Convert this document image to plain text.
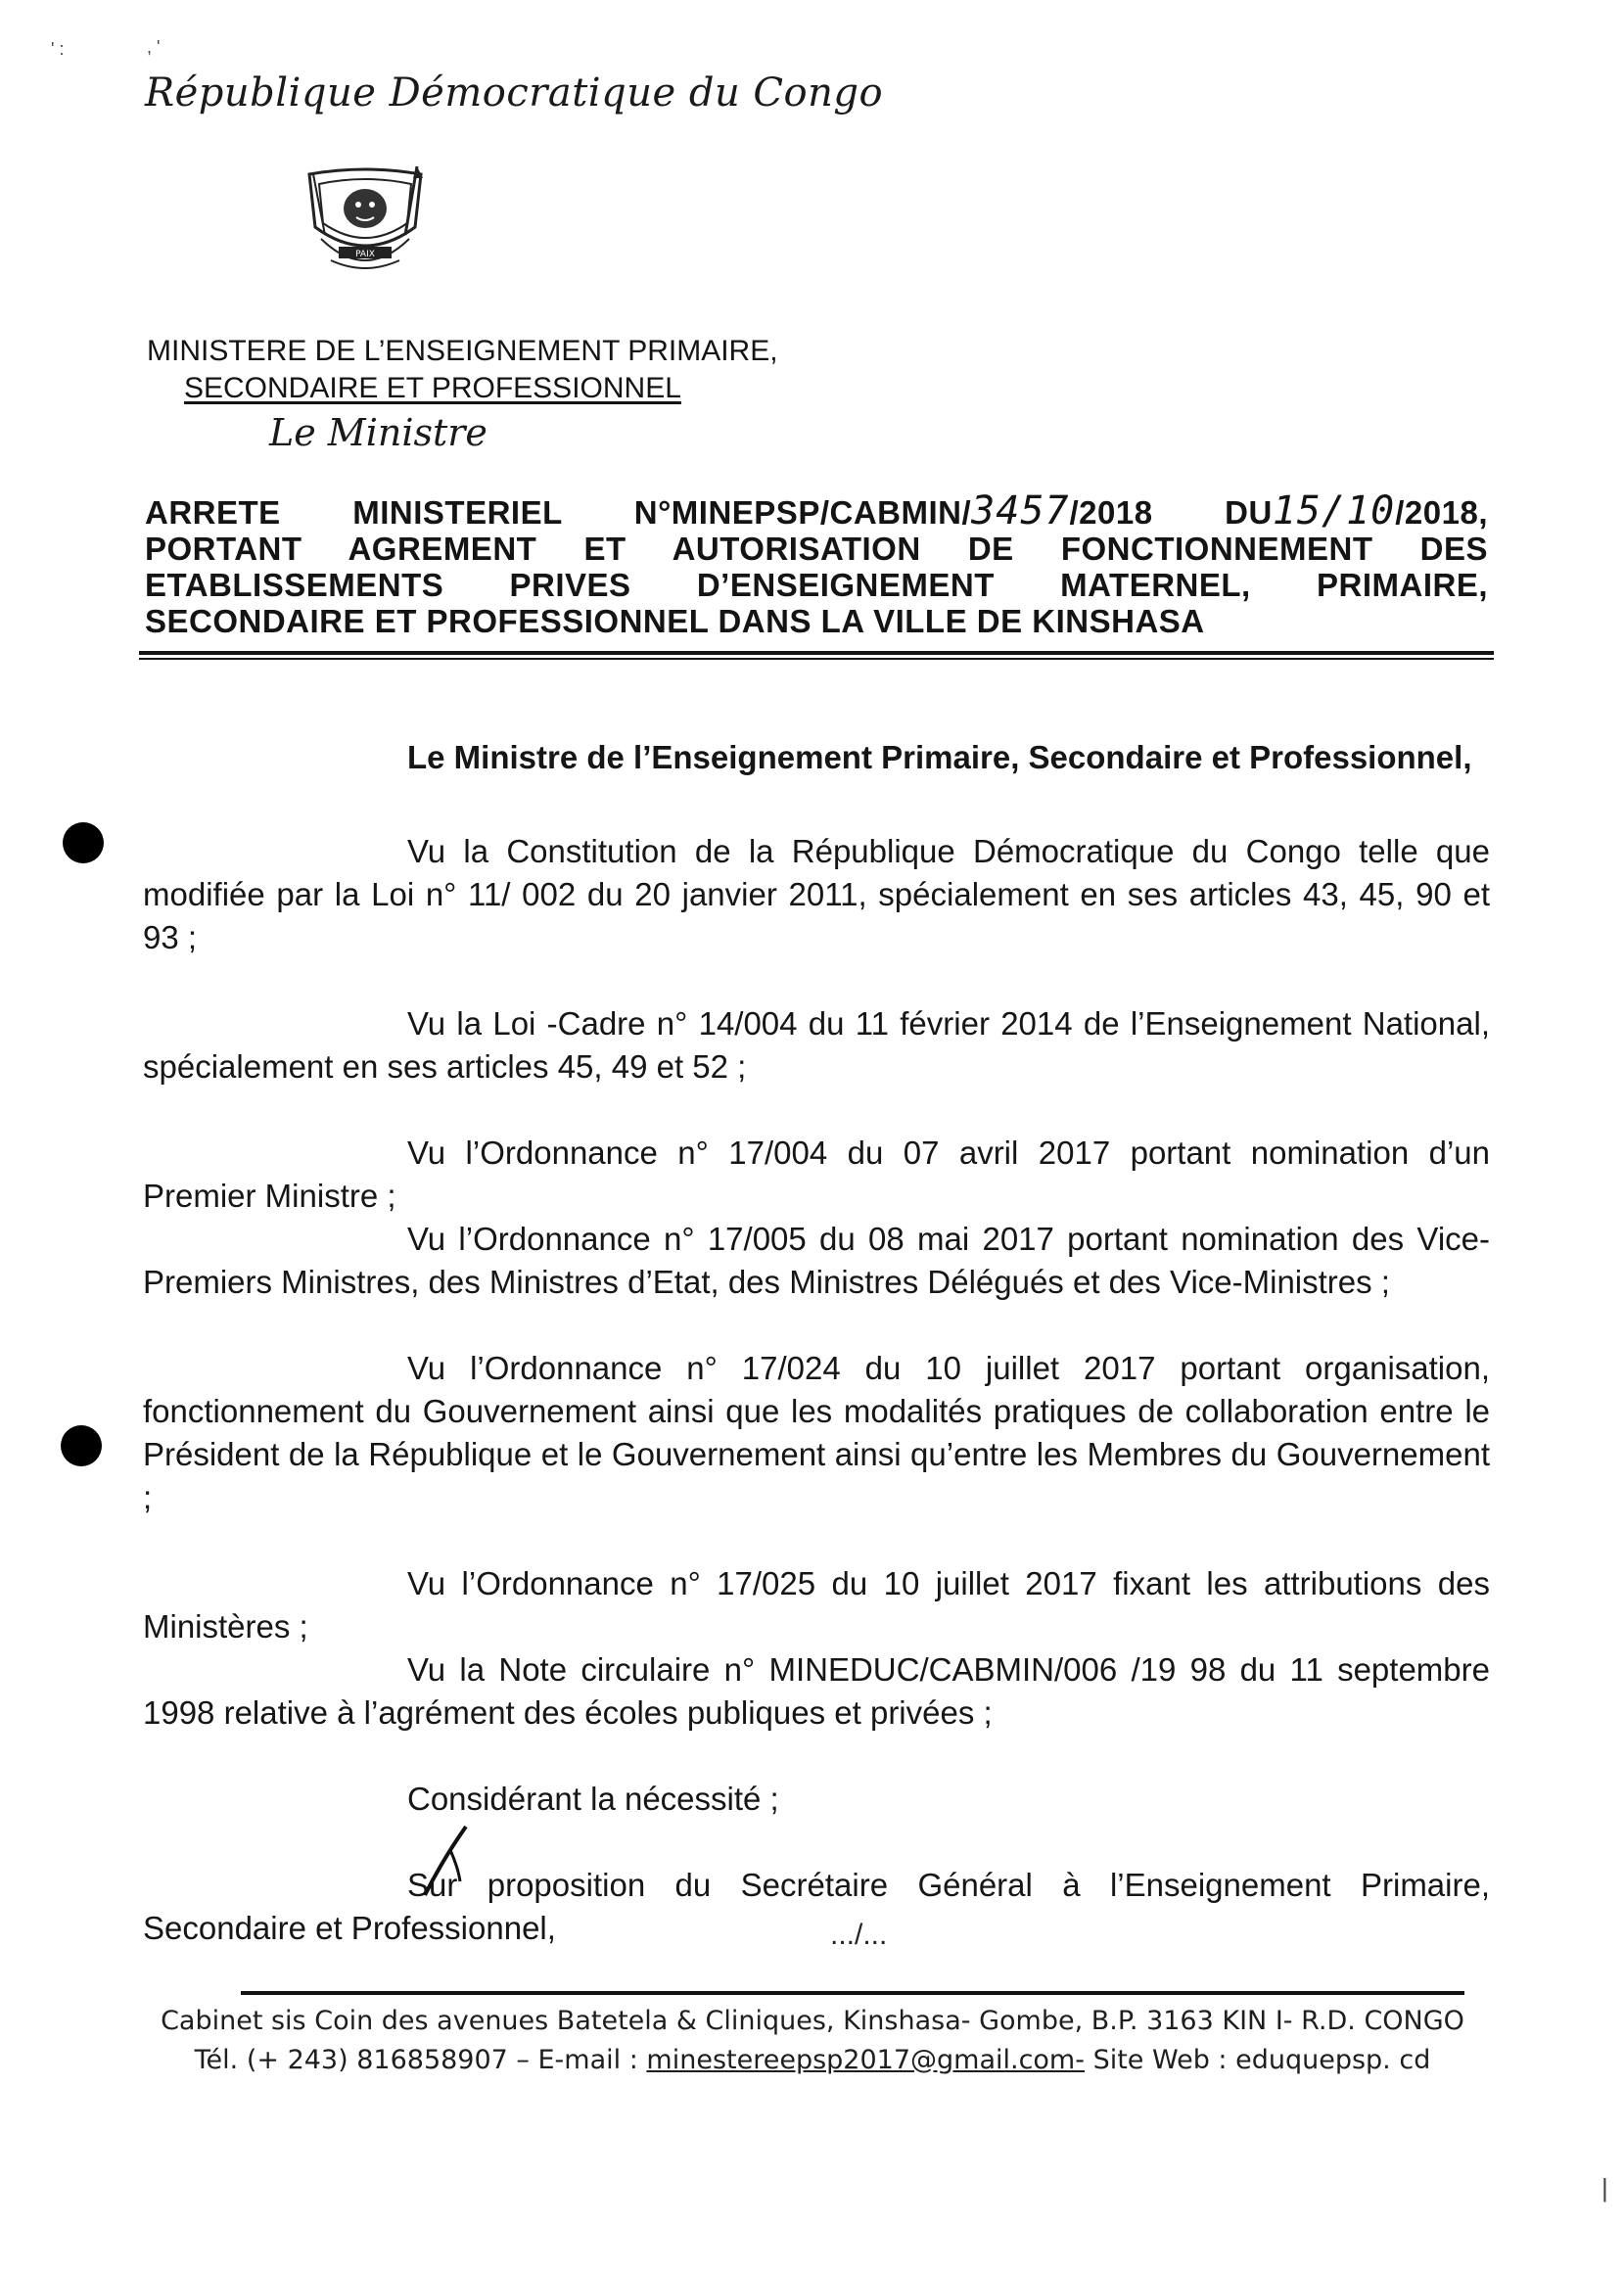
' :	, '
République Démocratique du Congo
PAIX
MINISTERE DE L’ENSEIGNEMENT PRIMAIRE,
SECONDAIRE ET PROFESSIONNEL
Le Ministre

ARRETE MINISTERIEL N°MINEPSP/CABMIN/3457/2018 DU15/10/2018,

PORTANT AGREMENT ET AUTORISATION DE FONCTIONNEMENT DES

ETABLISSEMENTS PRIVES D’ENSEIGNEMENT MATERNEL, PRIMAIRE,

SECONDAIRE ET PROFESSIONNEL DANS LA VILLE DE KINSHASA

Le Ministre de l’Enseignement Primaire, Secondaire et Professionnel,

Vu la Constitution de la République Démocratique du Congo telle que modifiée par la Loi n° 11/ 002 du 20 janvier 2011, spécialement en ses articles 43, 45, 90 et 93 ;

Vu la Loi -Cadre n° 14/004 du 11 février 2014 de l’Enseignement National, spécialement en ses articles 45, 49 et 52 ;

Vu l’Ordonnance n° 17/004 du 07 avril 2017 portant nomination d’un Premier Ministre ;

Vu l’Ordonnance n° 17/005 du 08 mai 2017 portant nomination des Vice-Premiers Ministres, des Ministres d’Etat, des Ministres Délégués et des Vice-Ministres ;

Vu l’Ordonnance n° 17/024 du 10 juillet 2017 portant organisation, fonctionnement du Gouvernement ainsi que les modalités pratiques de collaboration entre le Président de la République et le Gouvernement ainsi qu’entre les Membres du Gouvernement ;

Vu l’Ordonnance n° 17/025 du 10 juillet 2017 fixant les attributions des Ministères ;

Vu la Note circulaire n° MINEDUC/CABMIN/006 /19 98 du 11 septembre 1998 relative à l’agrément des écoles publiques et privées ;

Considérant la nécessité ;

Sur proposition du Secrétaire Général à l’Enseignement Primaire, Secondaire et Professionnel,	.../...
Cabinet sis Coin des avenues Batetela & Cliniques, Kinshasa- Gombe, B.P. 3163 KIN I- R.D. CONGO
Tél. (+ 243) 816858907 – E-mail : minestereepsp2017@gmail.com- Site Web : eduquepsp. cd
|
